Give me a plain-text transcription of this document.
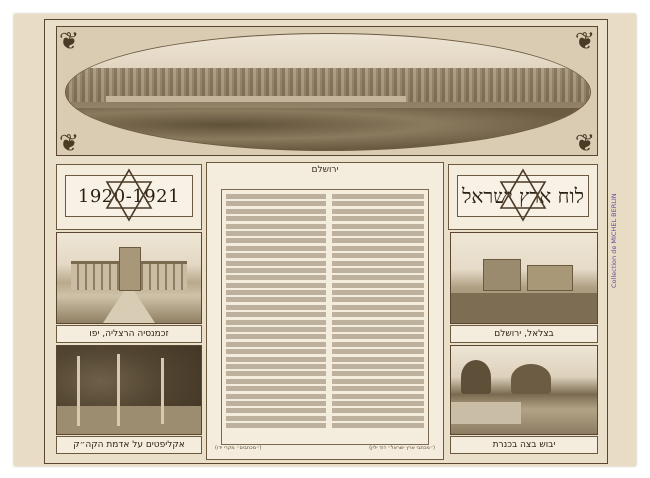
❦	❦
❦	❦
1920-1921
זכמנסיה הרצליה, יפו
אקליפטים על אדמת הקה״ק
ירושלם
(״מכתבים״ מקרי ידו)	(״מכתבי ארץ ישראל״ דוד ילין)
לוח ארץ ישראל
בצלאל, ירושלם
יבוש בצה בכנרת
Collection de MICHEL BERLIN
